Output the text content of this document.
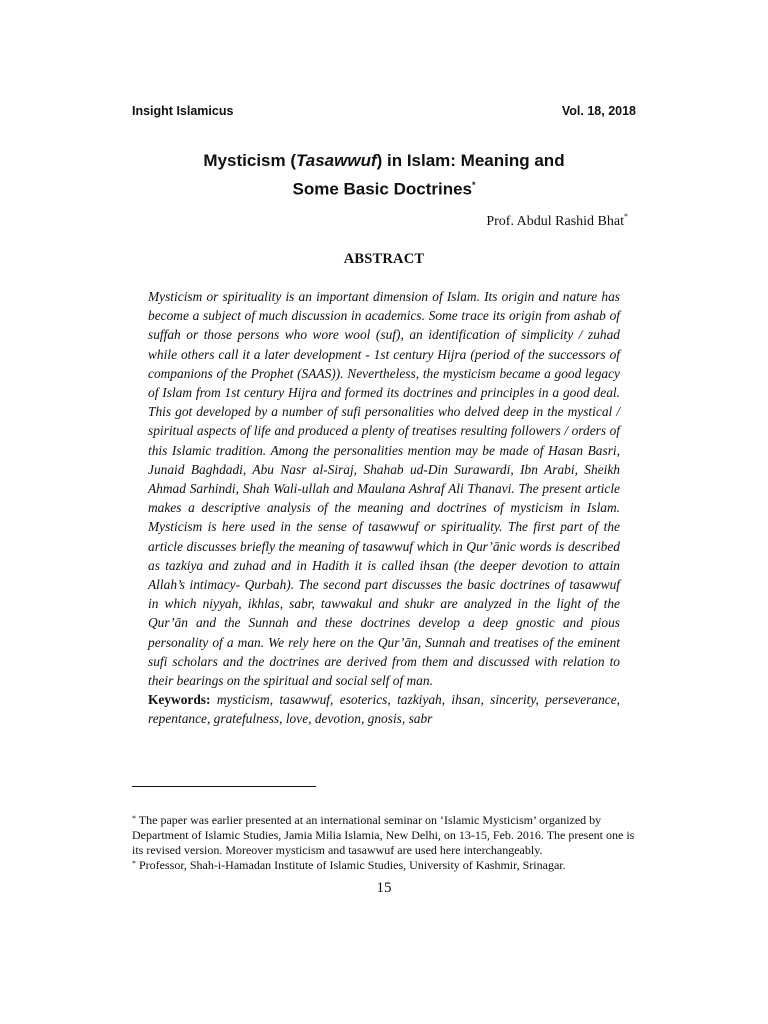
Insight Islamicus	Vol. 18, 2018
Mysticism (Tasawwuf) in Islam: Meaning and
Some Basic Doctrines*
Prof. Abdul Rashid Bhat*
ABSTRACT

Mysticism or spirituality is an important dimension of Islam. Its origin and nature has become a subject of much discussion in academics. Some trace its origin from ashab of suffah or those persons who wore wool (suf), an identification of simplicity / zuhad while others call it a later development - 1st century Hijra (period of the successors of companions of the Prophet (SAAS)). Nevertheless, the mysticism became a good legacy of Islam from 1st century Hijra and formed its doctrines and principles in a good deal. This got developed by a number of sufi personalities who delved deep in the mystical / spiritual aspects of life and produced a plenty of treatises resulting followers / orders of this Islamic tradition. Among the personalities mention may be made of Hasan Basri, Junaid Baghdadi, Abu Nasr al-Siraj, Shahab ud-Din Surawardi, Ibn Arabi, Sheikh Ahmad Sarhindi, Shah Wali-ullah and Maulana Ashraf Ali Thanavi. The present article makes a descriptive analysis of the meaning and doctrines of mysticism in Islam. Mysticism is here used in the sense of tasawwuf or spirituality. The first part of the article discusses briefly the meaning of tasawwuf which in Qur’ānic words is described as tazkiya and zuhad and in Hadith it is called ihsan (the deeper devotion to attain Allah’s intimacy- Qurbah). The second part discusses the basic doctrines of tasawwuf in which niyyah, ikhlas, sabr, tawwakul and shukr are analyzed in the light of the Qur’ān and the Sunnah and these doctrines develop a deep gnostic and pious personality of a man. We rely here on the Qur’ān, Sunnah and treatises of the eminent sufi scholars and the doctrines are derived from them and discussed with relation to their bearings on the spiritual and social self of man.

Keywords: mysticism, tasawwuf, esoterics, tazkiyah, ihsan, sincerity, perseverance, repentance, gratefulness, love, devotion, gnosis, sabr

* The paper was earlier presented at an international seminar on ‘Islamic Mysticism’ organized by Department of Islamic Studies, Jamia Milia Islamia, New Delhi, on 13-15, Feb. 2016. The present one is its revised version. Moreover mysticism and tasawwuf are used here interchangeably.

* Professor, Shah-i-Hamadan Institute of Islamic Studies, University of Kashmir, Srinagar.

15
